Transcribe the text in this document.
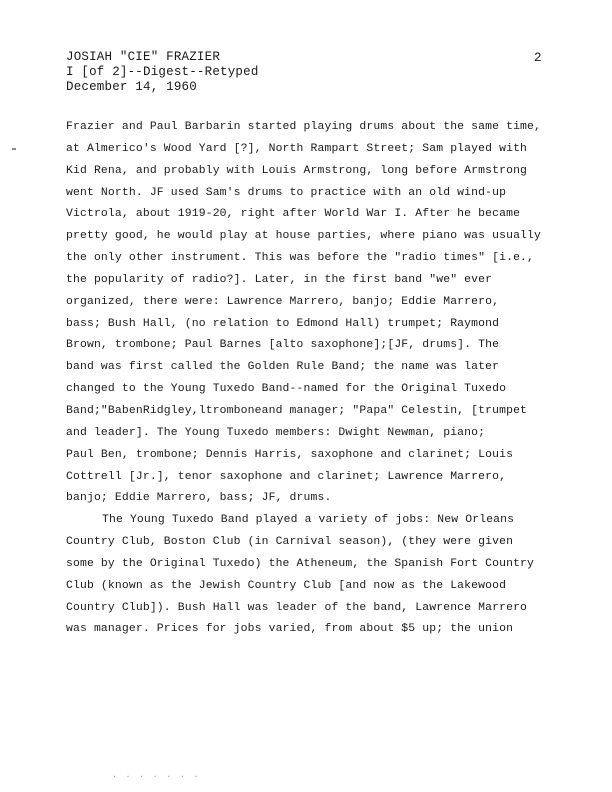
JOSIAH "CIE" FRAZIER
I [of 2]--Digest--Retyped
December 14, 1960
2
Frazier and Paul Barbarin started playing drums about the same time,
at Almerico's Wood Yard [?], North Rampart Street; Sam played with
Kid Rena, and probably with Louis Armstrong, long before Armstrong
went North. JF used Sam's drums to practice with an old wind-up
Victrola, about 1919-20, right after World War I. After he became
pretty good, he would play at house parties, where piano was usually
the only other instrument. This was before the "radio times" [i.e.,
the popularity of radio?]. Later, in the first band "we" ever
organized, there were: Lawrence Marrero, banjo; Eddie Marrero,
bass; Bush Hall, (no relation to Edmond Hall) trumpet; Raymond
Brown, trombone; Paul Barnes [alto saxophone];[JF, drums]. The
band was first called the Golden Rule Band; the name was later
changed to the Young Tuxedo Band--named for the Original Tuxedo
Band;"BabenRidgley,ltromboneand manager; "Papa" Celestin, [trumpet
and leader]. The Young Tuxedo members: Dwight Newman, piano;
Paul Ben, trombone; Dennis Harris, saxophone and clarinet; Louis
Cottrell [Jr.], tenor saxophone and clarinet; Lawrence Marrero,
banjo; Eddie Marrero, bass; JF, drums.
The Young Tuxedo Band played a variety of jobs: New Orleans
Country Club, Boston Club (in Carnival season), (they were given
some by the Original Tuxedo) the Atheneum, the Spanish Fort Country
Club (known as the Jewish Country Club [and now as the Lakewood
Country Club]). Bush Hall was leader of the band, Lawrence Marrero
was manager. Prices for jobs varied, from about $5 up; the union
. . . . . . .
